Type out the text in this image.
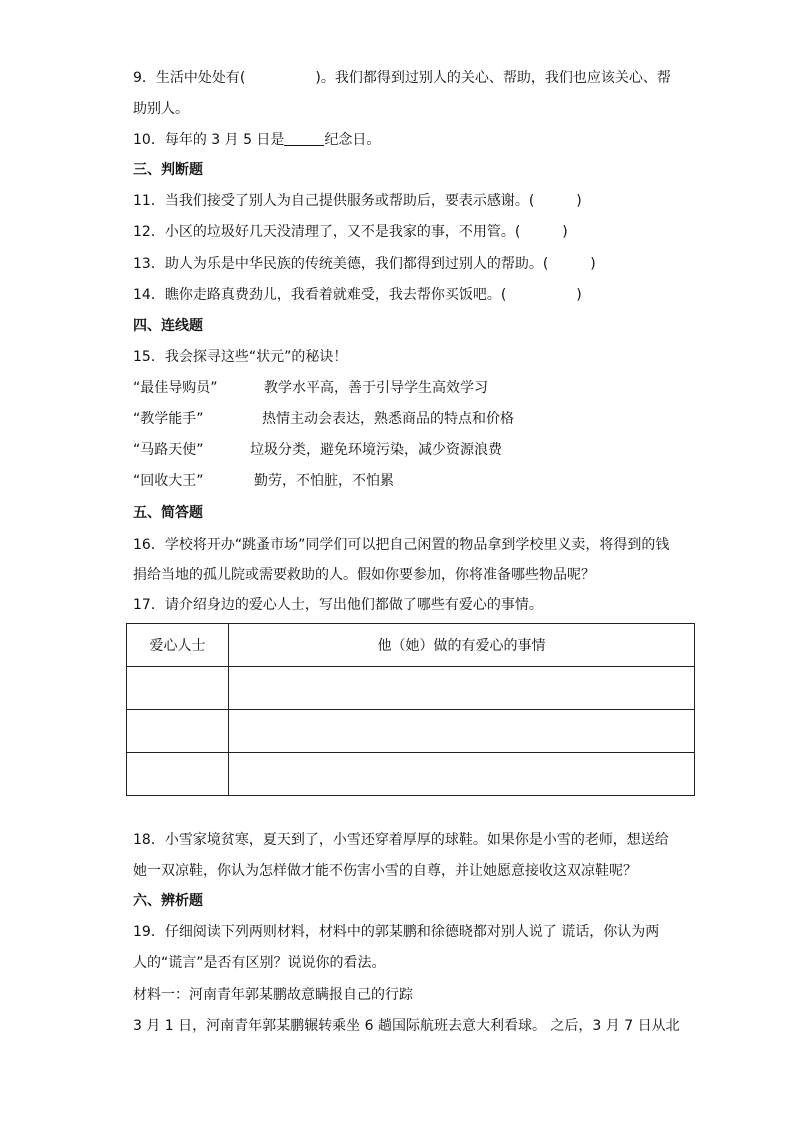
9．生活中处处有(　　　　　)。我们都得到过别人的关心、帮助，我们也应该关心、帮
助别人。
10．每年的 3 月 5 日是	纪念日。
三、判断题
11．当我们接受了别人为自己提供服务或帮助后，要表示感谢。(　　　)
12．小区的垃圾好几天没清理了，又不是我家的事，不用管。(　　　)
13．助人为乐是中华民族的传统美德，我们都得到过别人的帮助。(　　　)
14．瞧你走路真费劲儿，我看着就难受，我去帮你买饭吧。(　　　　　)
四、连线题
15．我会探寻这些“状元”的秘诀！
“最佳导购员”	教学水平高，善于引导学生高效学习
“教学能手”	热情主动会表达，熟悉商品的特点和价格
“马路天使”	垃圾分类，避免环境污染，减少资源浪费
“回收大王”	勤劳，不怕脏，不怕累
五、简答题
16．学校将开办“跳蚤市场”同学们可以把自己闲置的物品拿到学校里义卖，将得到的钱
捐给当地的孤儿院或需要救助的人。假如你要参加，你将准备哪些物品呢？
17．请介绍身边的爱心人士，写出他们都做了哪些有爱心的事情。
爱心人士	他（她）做的有爱心的事情

18．小雪家境贫寒，夏天到了，小雪还穿着厚厚的球鞋。如果你是小雪的老师，想送给
她一双凉鞋，你认为怎样做才能不伤害小雪的自尊，并让她愿意接收这双凉鞋呢？
六、辨析题
19．仔细阅读下列两则材料，材料中的郭某鹏和徐德晓都对别人说了 谎话，你认为两
人的“谎言”是否有区别？说说你的看法。
材料一：河南青年郭某鹏故意瞒报自己的行踪
3 月 1 日，河南青年郭某鹏辗转乘坐 6 趟国际航班去意大利看球。 之后，3 月 7 日从北
